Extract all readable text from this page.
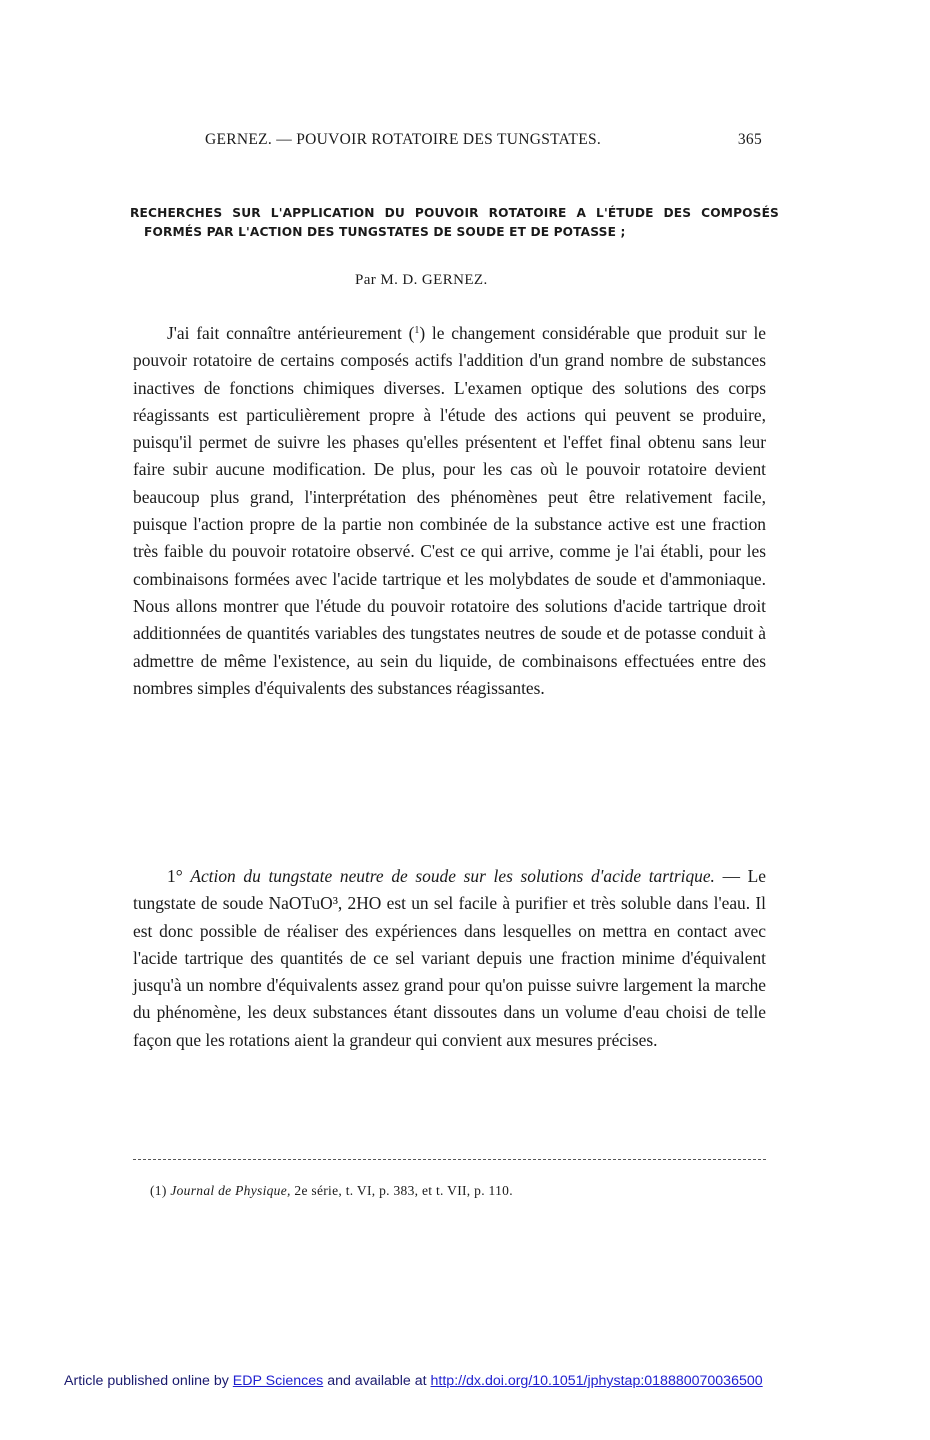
GERNEZ. — POUVOIR ROTATOIRE DES TUNGSTATES.	365
RECHERCHES SUR L'APPLICATION DU POUVOIR ROTATOIRE A L'ÉTUDE DES COMPOSÉS FORMÉS PAR L'ACTION DES TUNGSTATES DE SOUDE ET DE POTASSE ;
Par M. D. GERNEZ.

J'ai fait connaître antérieurement ($^1$) le changement considérable que produit sur le pouvoir rotatoire de certains composés actifs l'addition d'un grand nombre de substances inactives de fonctions chimiques diverses. L'examen optique des solutions des corps réagissants est particulièrement propre à l'étude des actions qui peuvent se produire, puisqu'il permet de suivre les phases qu'elles présentent et l'effet final obtenu sans leur faire subir aucune modification. De plus, pour les cas où le pouvoir rotatoire devient beaucoup plus grand, l'interprétation des phénomènes peut être relativement facile, puisque l'action propre de la partie non combinée de la substance active est une fraction très faible du pouvoir rotatoire observé. C'est ce qui arrive, comme je l'ai établi, pour les combinaisons formées avec l'acide tartrique et les molybdates de soude et d'ammoniaque. Nous allons montrer que l'étude du pouvoir rotatoire des solutions d'acide tartrique droit additionnées de quantités variables des tungstates neutres de soude et de potasse conduit à admettre de même l'existence, au sein du liquide, de combinaisons effectuées entre des nombres simples d'équivalents des substances réagissantes.

1° Action du tungstate neutre de soude sur les solutions d'acide tartrique. — Le tungstate de soude NaOTuO³, 2HO est un sel facile à purifier et très soluble dans l'eau. Il est donc possible de réaliser des expériences dans lesquelles on mettra en contact avec l'acide tartrique des quantités de ce sel variant depuis une fraction minime d'équivalent jusqu'à un nombre d'équivalents assez grand pour qu'on puisse suivre largement la marche du phénomène, les deux substances étant dissoutes dans un volume d'eau choisi de telle façon que les rotations aient la grandeur qui convient aux mesures précises.

(1) Journal de Physique, 2e série, t. VI, p. 383, et t. VII, p. 110.
Article published online by EDP Sciences and available at http://dx.doi.org/10.1051/jphystap:018880070036500
